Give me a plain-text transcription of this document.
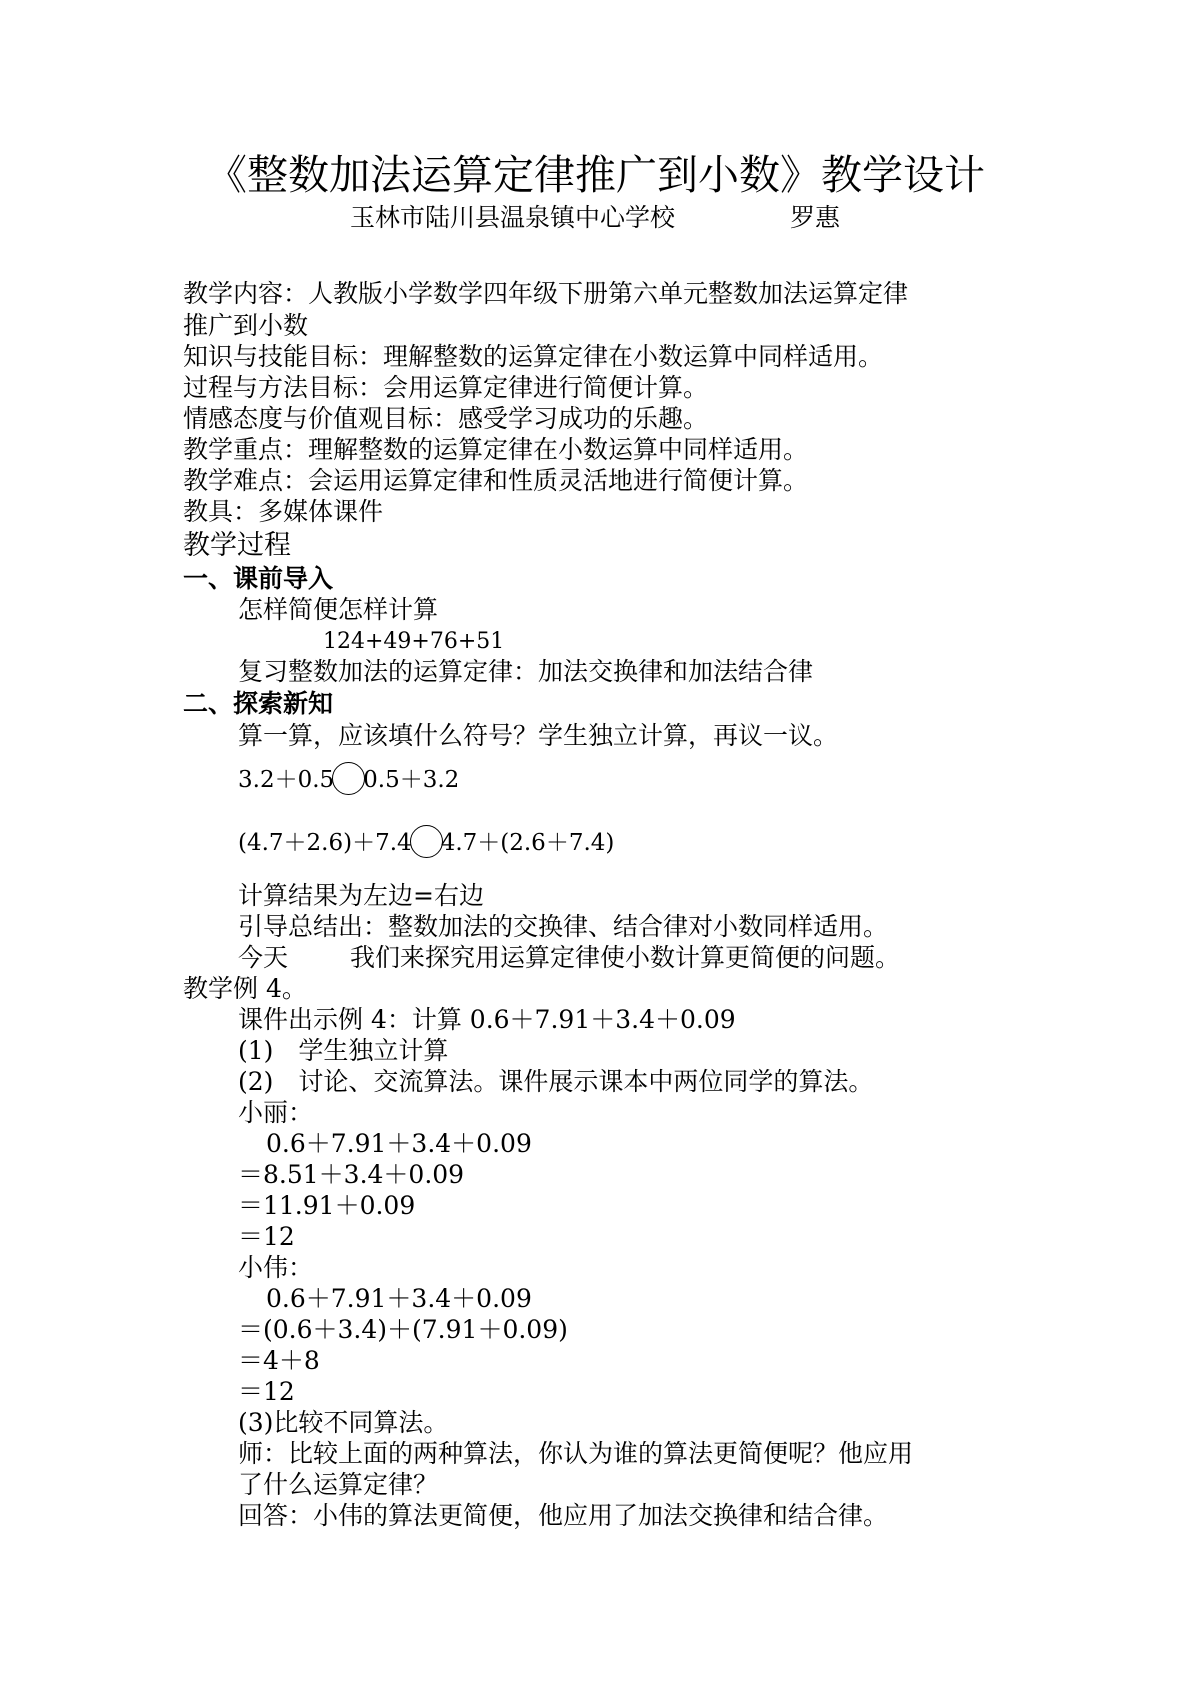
《整数加法运算定律推广到小数》教学设计
玉林市陆川县温泉镇中心学校	罗惠
教学内容：人教版小学数学四年级下册第六单元整数加法运算定律
推广到小数
知识与技能目标：理解整数的运算定律在小数运算中同样适用。
过程与方法目标：会用运算定律进行简便计算。
情感态度与价值观目标：感受学习成功的乐趣。
教学重点：理解整数的运算定律在小数运算中同样适用。
教学难点：会运用运算定律和性质灵活地进行简便计算。
教具：多媒体课件
教学过程
一、课前导入
怎样简便怎样计算
124+49+76+51
复习整数加法的运算定律：加法交换律和加法结合律
二、探索新知
算一算，应该填什么符号？学生独立计算，再议一议。
3.2＋0.5 0.5＋3.2
(4.7＋2.6)＋7.4 4.7＋(2.6＋7.4)
计算结果为左边=右边
引导总结出：整数加法的交换律、结合律对小数同样适用。
今天 我们来探究用运算定律使小数计算更简便的问题。
教学例 4。
课件出示例 4：计算 0.6＋7.91＋3.4＋0.09
(1)　学生独立计算
(2)　讨论、交流算法。课件展示课本中两位同学的算法。
小丽：
0.6＋7.91＋3.4＋0.09
＝8.51＋3.4＋0.09
＝11.91＋0.09
＝12
小伟：
0.6＋7.91＋3.4＋0.09
＝(0.6＋3.4)＋(7.91＋0.09)
＝4＋8
＝12
(3)比较不同算法。
师：比较上面的两种算法，你认为谁的算法更简便呢？他应用
了什么运算定律？
回答：小伟的算法更简便，他应用了加法交换律和结合律。
